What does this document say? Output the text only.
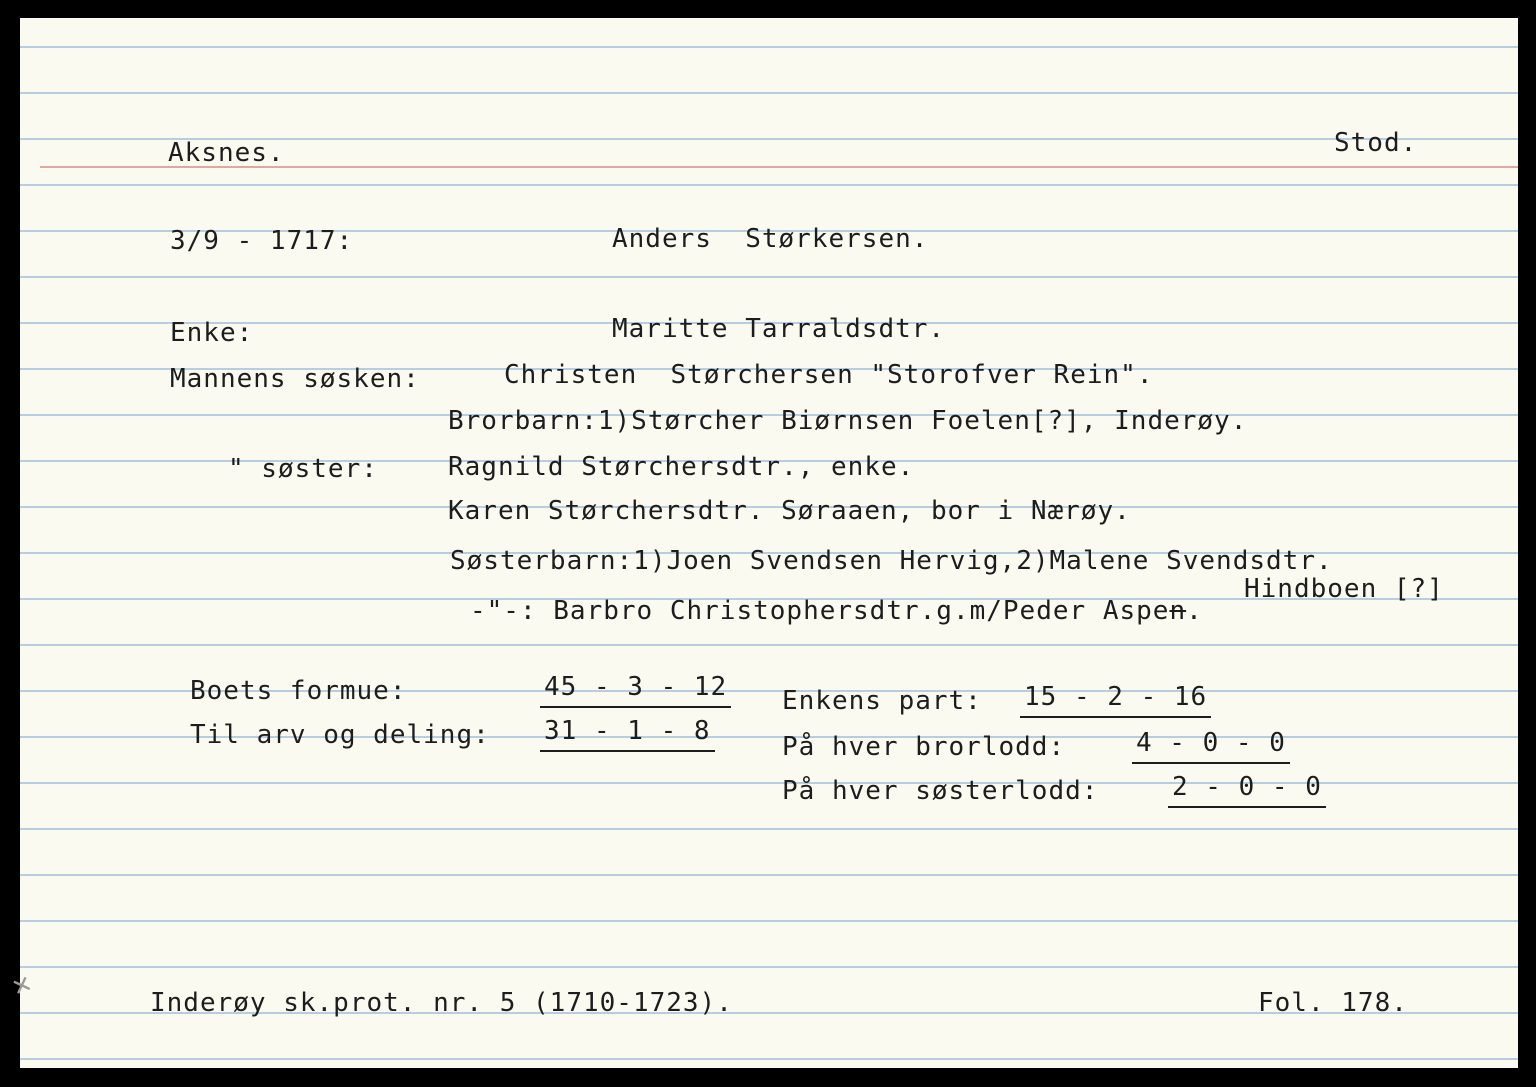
✕
Aksnes.	Stod.
3/9 - 1717:	Anders  Størkersen.
Enke:	Maritte Tarraldsdtr.
Mannens søsken:	Christen  Størchersen "Storofver Rein".
Brorbarn:1)Størcher Biørnsen Foelen[?], Inderøy.
" søster:	Ragnild Størchersdtr., enke.
Karen Størchersdtr. Søraaen, bor i Nærøy.
Søsterbarn:1)Joen Svendsen Hervig,2)Malene Svendsdtr.
Hindboen [?]
-"-: Barbro Christophersdtr.g.m/Peder Aspen.
Boets formue:	45 - 3 - 12
Til arv og deling: 31 - 1 - 8
Enkens part: 15 - 2 - 16
På hver brorlodd:	4 - 0 - 0
På hver søsterlodd:	2 - 0 - 0
Inderøy sk.prot. nr. 5 (1710-1723).	Fol. 178.
